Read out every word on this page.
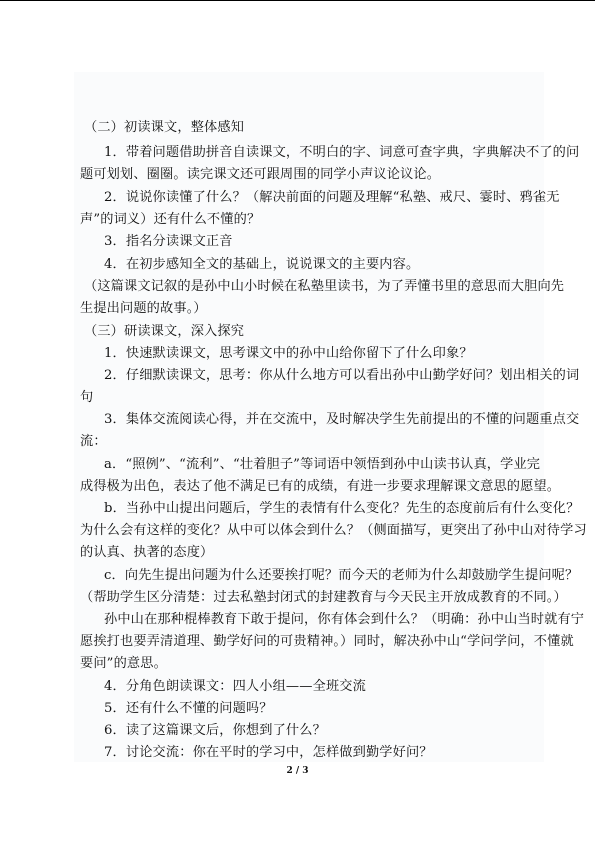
（二）初读课文，整体感知
1．带着问题借助拼音自读课文，不明白的字、词意可查字典，字典解决不了的问
题可划划、圈圈。读完课文还可跟周围的同学小声议论议论。
2．说说你读懂了什么？（解决前面的问题及理解“私塾、戒尺、霎时、鸦雀无
声”的词义）还有什么不懂的？
3．指名分读课文正音
4．在初步感知全文的基础上，说说课文的主要内容。
（这篇课文记叙的是孙中山小时候在私塾里读书，为了弄懂书里的意思而大胆向先
生提出问题的故事。）
（三）研读课文，深入探究
1．快速默读课文，思考课文中的孙中山给你留下了什么印象？
2．仔细默读课文，思考：你从什么地方可以看出孙中山勤学好问？划出相关的词
句
3．集体交流阅读心得，并在交流中，及时解决学生先前提出的不懂的问题重点交
流：
a．“照例”、“流利”、“壮着胆子”等词语中领悟到孙中山读书认真，学业完
成得极为出色，表达了他不满足已有的成绩，有进一步要求理解课文意思的愿望。
b．当孙中山提出问题后，学生的表情有什么变化？先生的态度前后有什么变化？
为什么会有这样的变化？从中可以体会到什么？（侧面描写，更突出了孙中山对待学习
的认真、执著的态度）
c．向先生提出问题为什么还要挨打呢？而今天的老师为什么却鼓励学生提问呢？
（帮助学生区分清楚：过去私塾封闭式的封建教育与今天民主开放成教育的不同。）
孙中山在那种棍棒教育下敢于提问，你有体会到什么？（明确：孙中山当时就有宁
愿挨打也要弄清道理、勤学好问的可贵精神。）同时，解决孙中山“学问学问，不懂就
要问”的意思。
4．分角色朗读课文：四人小组——全班交流
5．还有什么不懂的问题吗？
6．读了这篇课文后，你想到了什么？
7．讨论交流：你在平时的学习中，怎样做到勤学好问？
2 / 3
